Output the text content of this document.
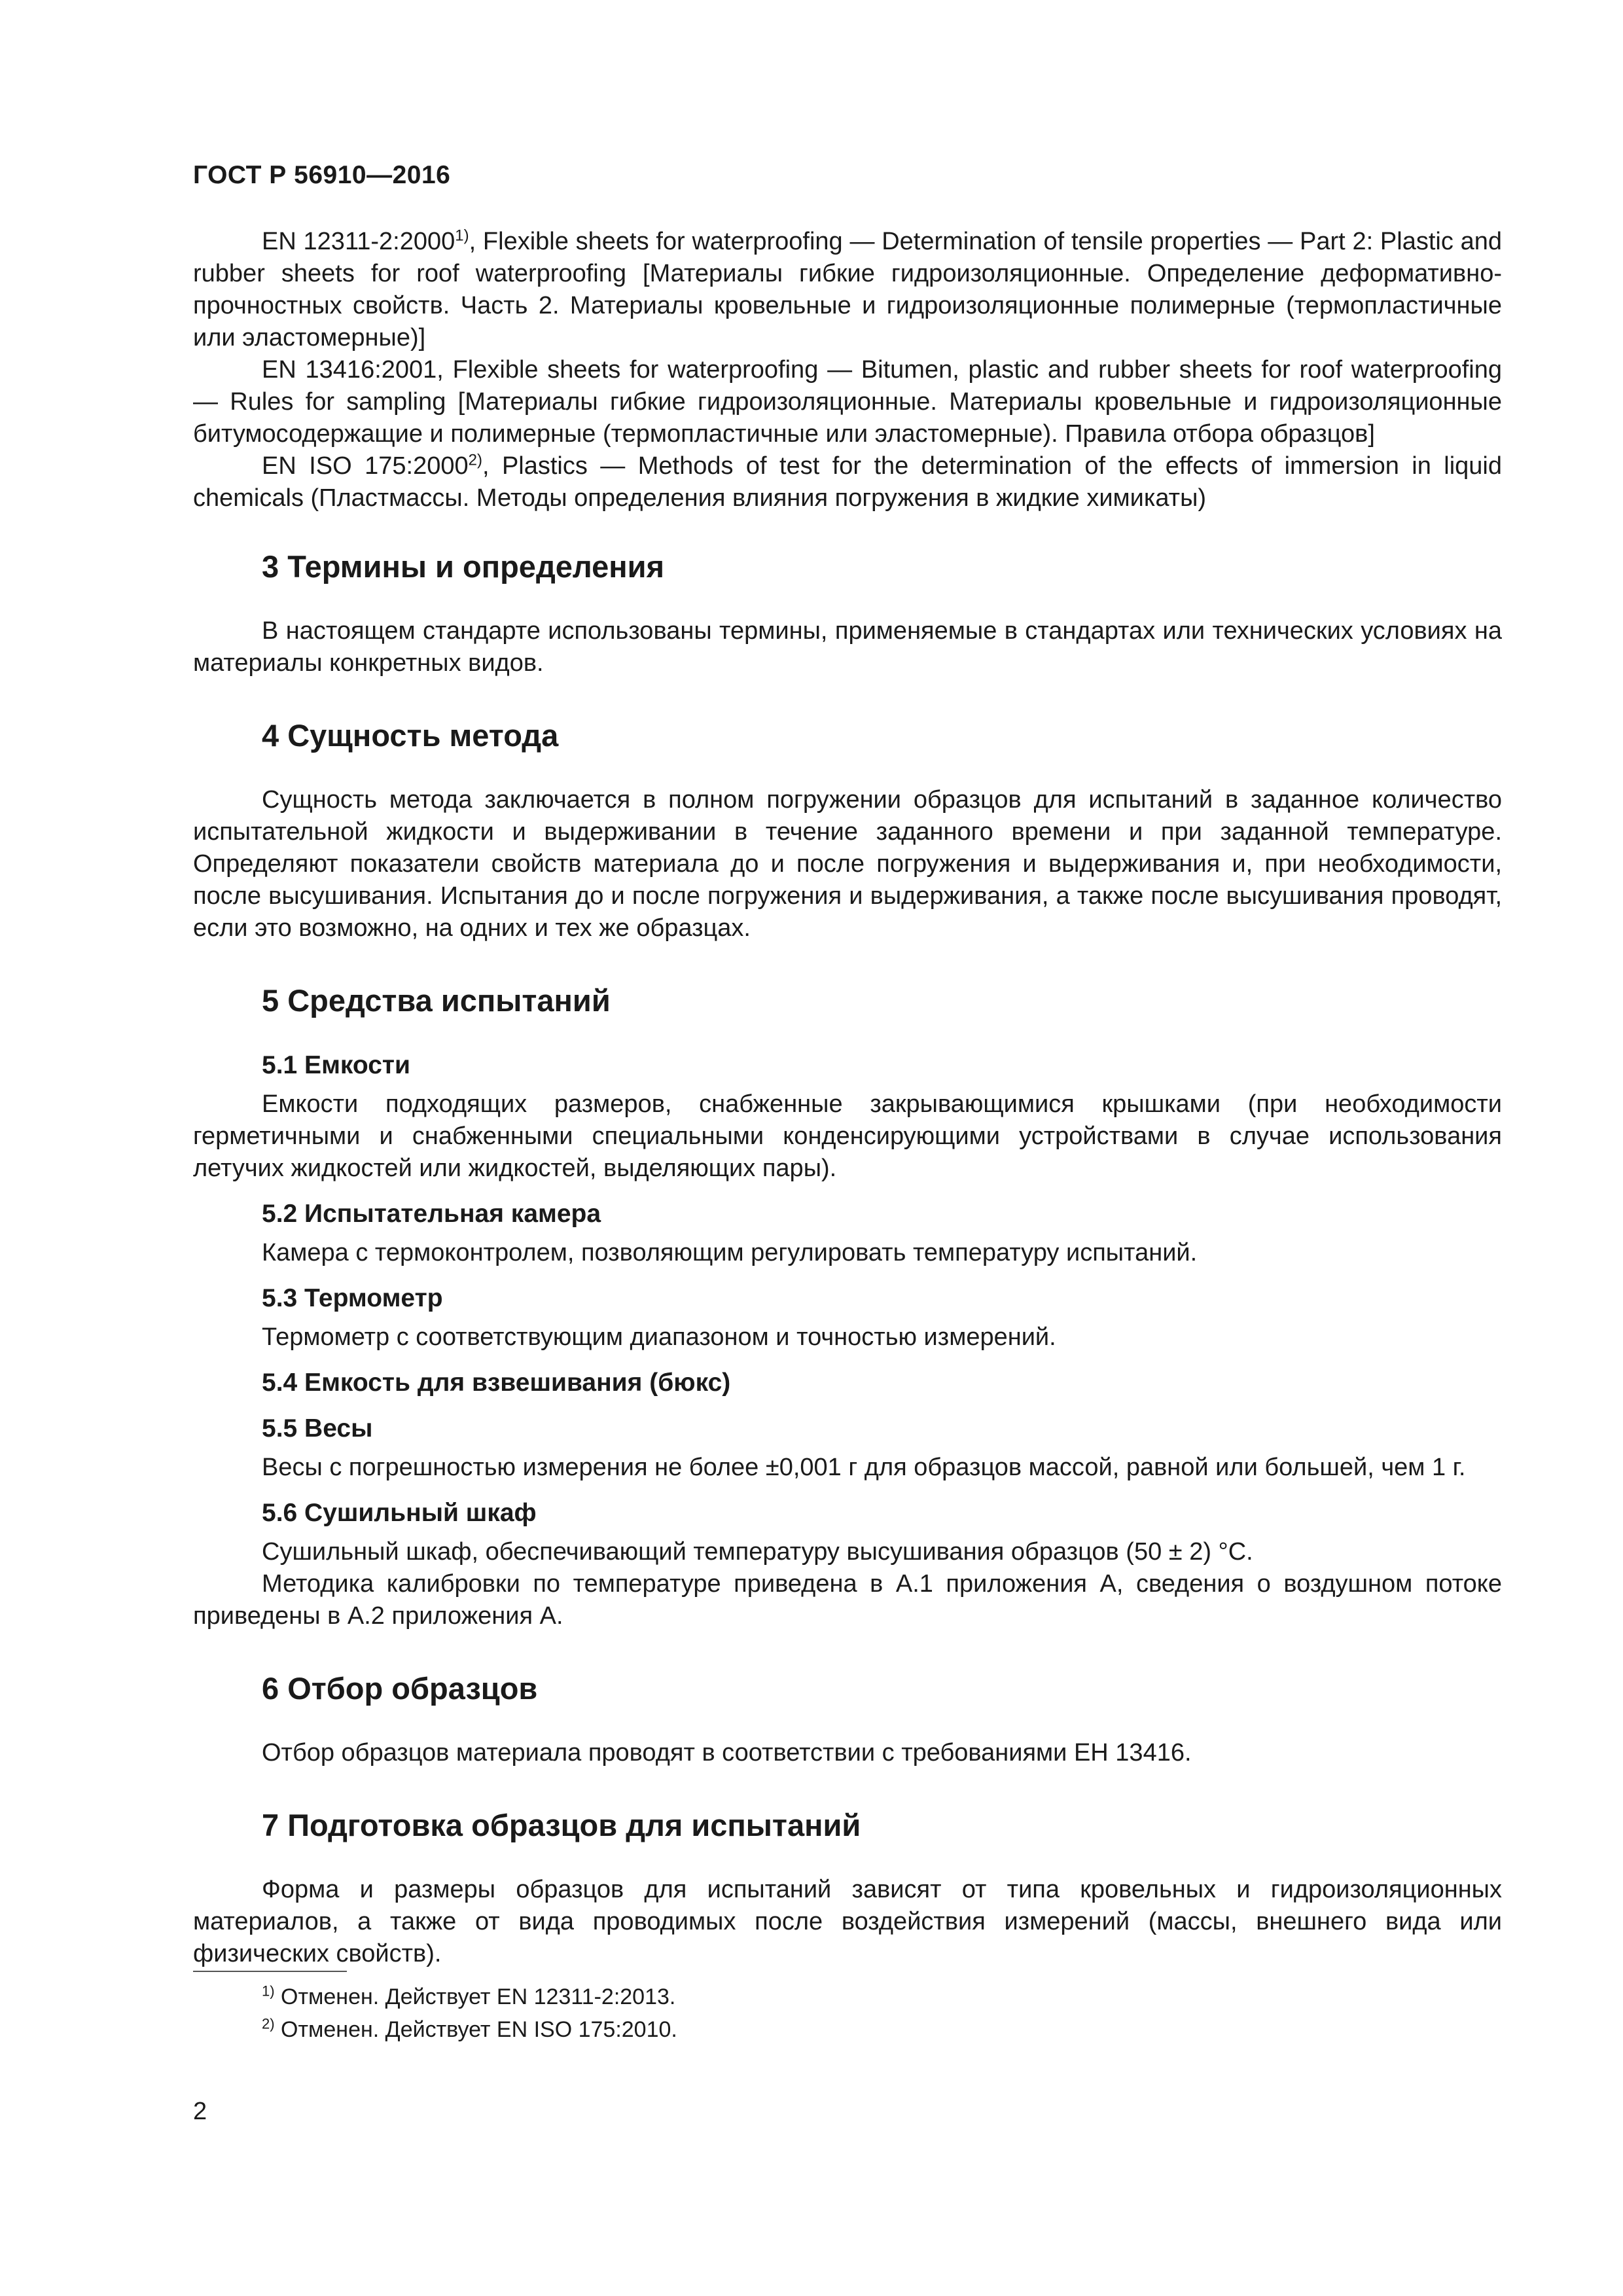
ГОСТ Р 56910—2016

EN 12311-2:2000$^{1)}$, Flexible sheets for waterproofing — Determination of tensile properties — Part 2: Plastic and rubber sheets for roof waterproofing [Материалы гибкие гидроизоляционные. Определение деформативно-прочностных свойств. Часть 2. Материалы кровельные и гидроизоляционные полимерные (термопластичные или эластомерные)]

EN 13416:2001, Flexible sheets for waterproofing — Bitumen, plastic and rubber sheets for roof waterproofing — Rules for sampling [Материалы гибкие гидроизоляционные. Материалы кровельные и гидроизоляционные битумосодержащие и полимерные (термопластичные или эластомерные). Правила отбора образцов]

EN ISO 175:2000$^{2)}$, Plastics — Methods of test for the determination of the effects of immersion in liquid chemicals (Пластмассы. Методы определения влияния погружения в жидкие химикаты)

3 Термины и определения

В настоящем стандарте использованы термины, применяемые в стандартах или технических условиях на материалы конкретных видов.

4 Сущность метода

Сущность метода заключается в полном погружении образцов для испытаний в заданное количество испытательной жидкости и выдерживании в течение заданного времени и при заданной температуре. Определяют показатели свойств материала до и после погружения и выдерживания и, при необходимости, после высушивания. Испытания до и после погружения и выдерживания, а также после высушивания проводят, если это возможно, на одних и тех же образцах.

5 Средства испытаний
5.1 Емкости

Емкости подходящих размеров, снабженные закрывающимися крышками (при необходимости герметичными и снабженными специальными конденсирующими устройствами в случае использования летучих жидкостей или жидкостей, выделяющих пары).

5.2 Испытательная камера

Камера с термоконтролем, позволяющим регулировать температуру испытаний.

5.3 Термометр

Термометр с соответствующим диапазоном и точностью измерений.

5.4 Емкость для взвешивания (бюкс)
5.5 Весы

Весы с погрешностью измерения не более ±0,001 г для образцов массой, равной или большей, чем 1 г.

5.6 Сушильный шкаф

Сушильный шкаф, обеспечивающий температуру высушивания образцов (50 ± 2) °С.

Методика калибровки по температуре приведена в А.1 приложения А, сведения о воздушном потоке приведены в А.2 приложения А.

6 Отбор образцов

Отбор образцов материала проводят в соответствии с требованиями ЕН 13416.

7 Подготовка образцов для испытаний

Форма и размеры образцов для испытаний зависят от типа кровельных и гидроизоляционных материалов, а также от вида проводимых после воздействия измерений (массы, внешнего вида или физических свойств).

$^{1)}$ Отменен. Действует EN 12311-2:2013.
$^{2)}$ Отменен. Действует EN ISO 175:2010.
2
